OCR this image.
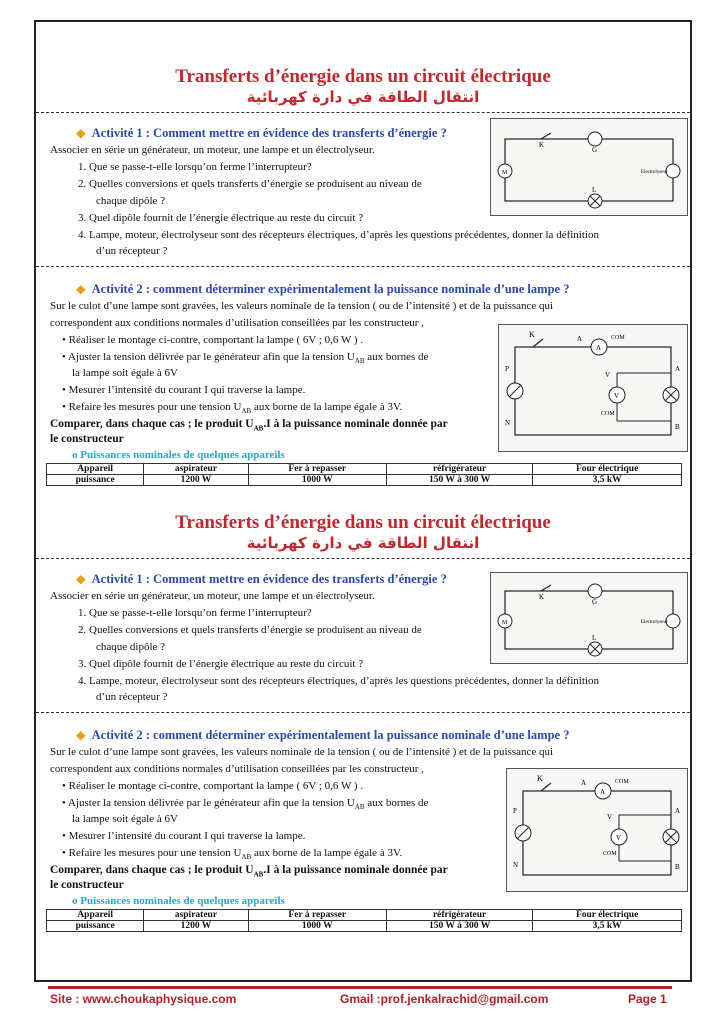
Transferts d’énergie dans un circuit électrique
انتقال الطاقة في دارة كهربائية
◆ Activité 1 : Comment mettre en évidence des transferts d’énergie ?
Associer en série un générateur, un moteur, une lampe et un électrolyseur.
1. Que se passe-t-elle lorsqu’on ferme l’interrupteur?
2. Quelles conversions et quels transferts d’énergie se produisent au niveau de
chaque dipôle ?
3. Quel dipôle fournit de l’énergie électrique au reste du circuit ?
4. Lampe, moteur, électrolyseur sont des récepteurs électriques, d’après les questions précédentes, donner la définition
d’un récepteur ?
K
G
M
L
Electrolyseur
◆ Activité 2 : comment déterminer expérimentalement la puissance nominale d’une lampe ?
Sur le culot d’une lampe sont gravées, les valeurs nominale de la tension ( ou de l’intensité ) et de la puissance qui
correspondent aux conditions normales d’utilisation conseillées par les constructeur ,
• Réaliser le montage ci-contre, comportant la lampe ( 6V ; 0,6 W ) .
• Ajuster la tension délivrée par le générateur afin que la tension $U_{AB}$ aux bornes de
la lampe soit égale à 6V
• Mesurer l’intensité du courant I qui traverse la lampe.
• Refaire les mesures pour une tension $U_{AB}$ aux borne de la lampe égale à 3V.
Comparer, dans chaque cas ; le produit $U_{AB}.I$ à la puissance nominale donnée par
le constructeur
o Puissances nominales de quelques appareils
K	A	COM
A
V
V
COM
P
N
A
B
Appareil	aspirateur	Fer à repasser	réfrigérateur	Four électrique
puissance	1200 W	1000 W	150 W à 300 W	3,5 kW
Transferts d’énergie dans un circuit électrique
انتقال الطاقة في دارة كهربائية
◆ Activité 1 : Comment mettre en évidence des transferts d’énergie ?
Associer en série un générateur, un moteur, une lampe et un électrolyseur.
1. Que se passe-t-elle lorsqu’on ferme l’interrupteur?
2. Quelles conversions et quels transferts d’énergie se produisent au niveau de
chaque dipôle ?
3. Quel dipôle fournit de l’énergie électrique au reste du circuit ?
4. Lampe, moteur, électrolyseur sont des récepteurs électriques, d’après les questions précédentes, donner la définition
d’un récepteur ?
K
G
M
L
Electrolyseur
◆ Activité 2 : comment déterminer expérimentalement la puissance nominale d’une lampe ?
Sur le culot d’une lampe sont gravées, les valeurs nominale de la tension ( ou de l’intensité ) et de la puissance qui
correspondent aux conditions normales d’utilisation conseillées par les constructeur ,
• Réaliser le montage ci-contre, comportant la lampe ( 6V ; 0,6 W ) .
• Ajuster la tension délivrée par le générateur afin que la tension $U_{AB}$ aux bornes de
la lampe soit égale à 6V
• Mesurer l’intensité du courant I qui traverse la lampe.
• Refaire les mesures pour une tension $U_{AB}$ aux borne de la lampe égale à 3V.
Comparer, dans chaque cas ; le produit $U_{AB}.I$ à la puissance nominale donnée par
le constructeur
o Puissances nominales de quelques appareils
K	A	COM
A
V
V
COM
P
N
A
B
Appareil	aspirateur	Fer à repasser	réfrigérateur	Four électrique
puissance	1200 W	1000 W	150 W à 300 W	3,5 kW
Site : www.choukaphysique.com	Gmail :prof.jenkalrachid@gmail.com	Page 1
